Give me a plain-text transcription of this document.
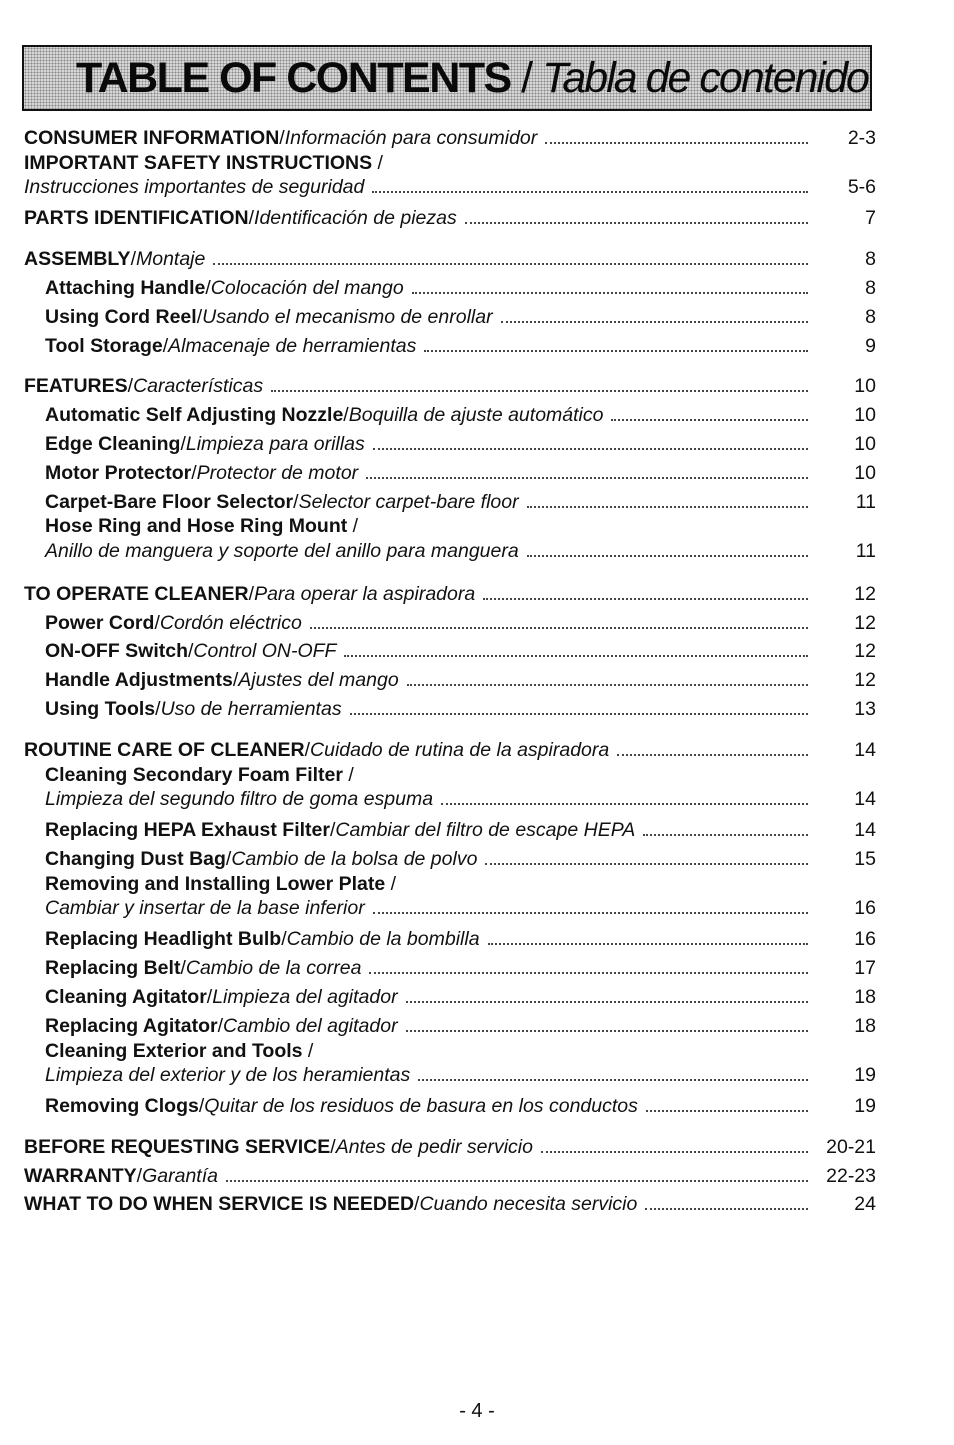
TABLE OF CONTENTS / Tabla de contenido
CONSUMER INFORMATION / Información para consumidor	2-3
IMPORTANT SAFETY INSTRUCTIONS /
Instrucciones importantes de seguridad	5-6
PARTS IDENTIFICATION / Identificación de piezas	7
ASSEMBLY / Montaje	8
Attaching Handle / Colocación del mango	8
Using Cord Reel / Usando el mecanismo de enrollar	8
Tool Storage / Almacenaje de herramientas	9
FEATURES / Características	10
Automatic Self Adjusting Nozzle / Boquilla de ajuste automático	10
Edge Cleaning / Limpieza para orillas	10
Motor Protector / Protector de motor	10
Carpet-Bare Floor Selector / Selector carpet-bare floor	11
Hose Ring and Hose Ring Mount /
Anillo de manguera y soporte del anillo para manguera	11
TO OPERATE CLEANER / Para operar la aspiradora	12
Power Cord / Cordón eléctrico	12
ON-OFF Switch / Control ON-OFF	12
Handle Adjustments / Ajustes del mango	12
Using Tools / Uso de herramientas	13
ROUTINE CARE OF CLEANER / Cuidado de rutina de la aspiradora	14
Cleaning Secondary Foam Filter /
Limpieza del segundo filtro de goma espuma	14
Replacing HEPA Exhaust Filter / Cambiar del filtro de escape HEPA	14
Changing Dust Bag / Cambio de la bolsa de polvo	15
Removing and Installing Lower Plate /
Cambiar y insertar de la base inferior	16
Replacing Headlight Bulb / Cambio de la bombilla	16
Replacing Belt / Cambio de la correa	17
Cleaning Agitator / Limpieza del agitador	18
Replacing Agitator / Cambio del agitador	18
Cleaning Exterior and Tools /
Limpieza del exterior y de los heramientas	19
Removing Clogs / Quitar de los residuos de basura en los conductos	19
BEFORE REQUESTING SERVICE / Antes de pedir servicio	20-21
WARRANTY / Garantía	22-23
WHAT TO DO WHEN SERVICE IS NEEDED / Cuando necesita servicio	24
- 4 -
